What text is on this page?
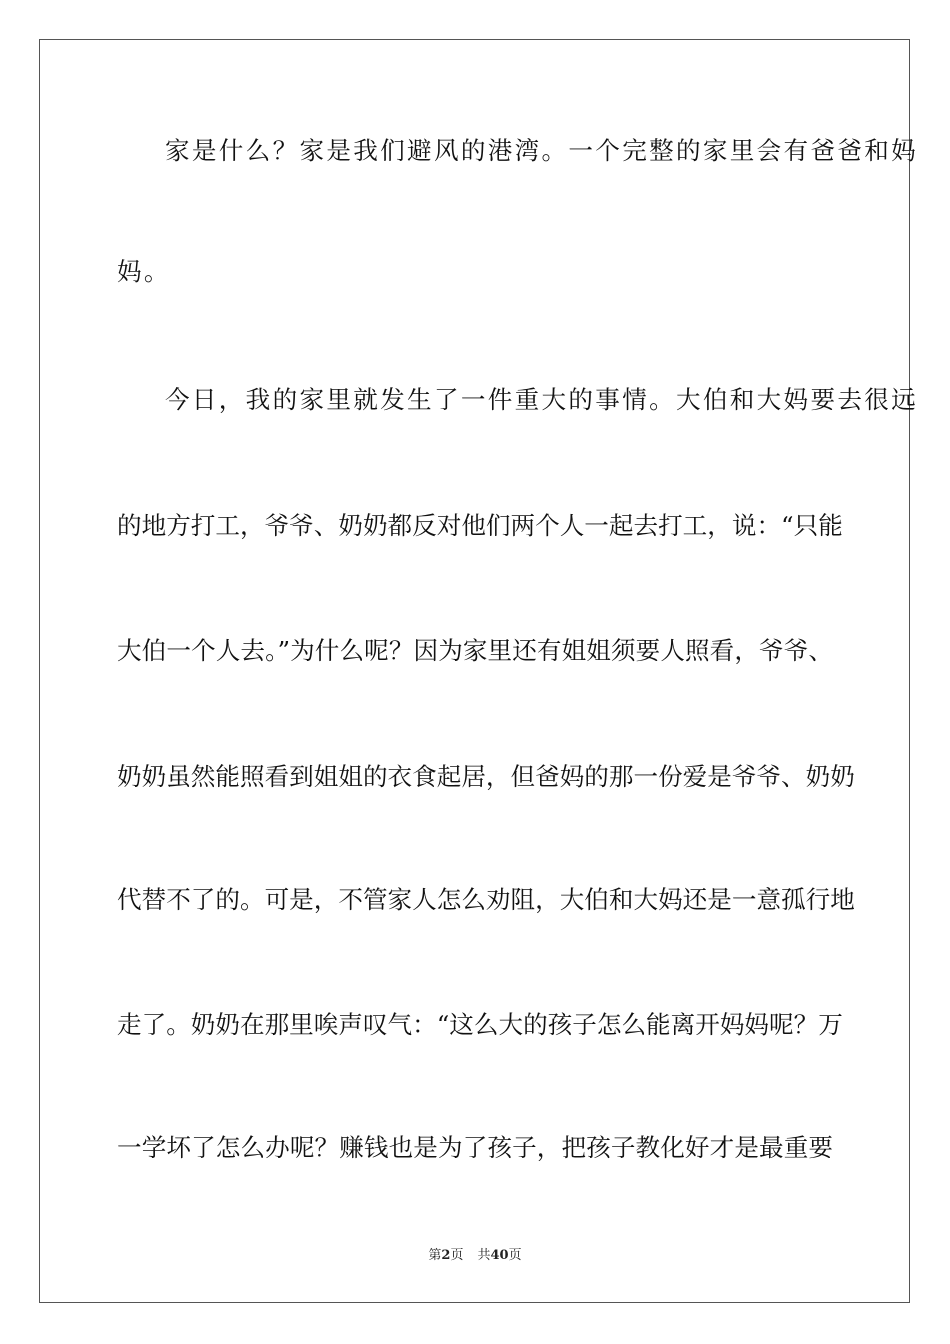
家是什么？家是我们避风的港湾。一个完整的家里会有爸爸和妈
妈。
今日，我的家里就发生了一件重大的事情。大伯和大妈要去很远
的地方打工，爷爷、奶奶都反对他们两个人一起去打工，说：“只能
大伯一个人去。”为什么呢？因为家里还有姐姐须要人照看，爷爷、
奶奶虽然能照看到姐姐的衣食起居，但爸妈的那一份爱是爷爷、奶奶
代替不了的。可是，不管家人怎么劝阻，大伯和大妈还是一意孤行地
走了。奶奶在那里唉声叹气：“这么大的孩子怎么能离开妈妈呢？万
一学坏了怎么办呢？赚钱也是为了孩子，把孩子教化好才是最重要
第2页 共40页
